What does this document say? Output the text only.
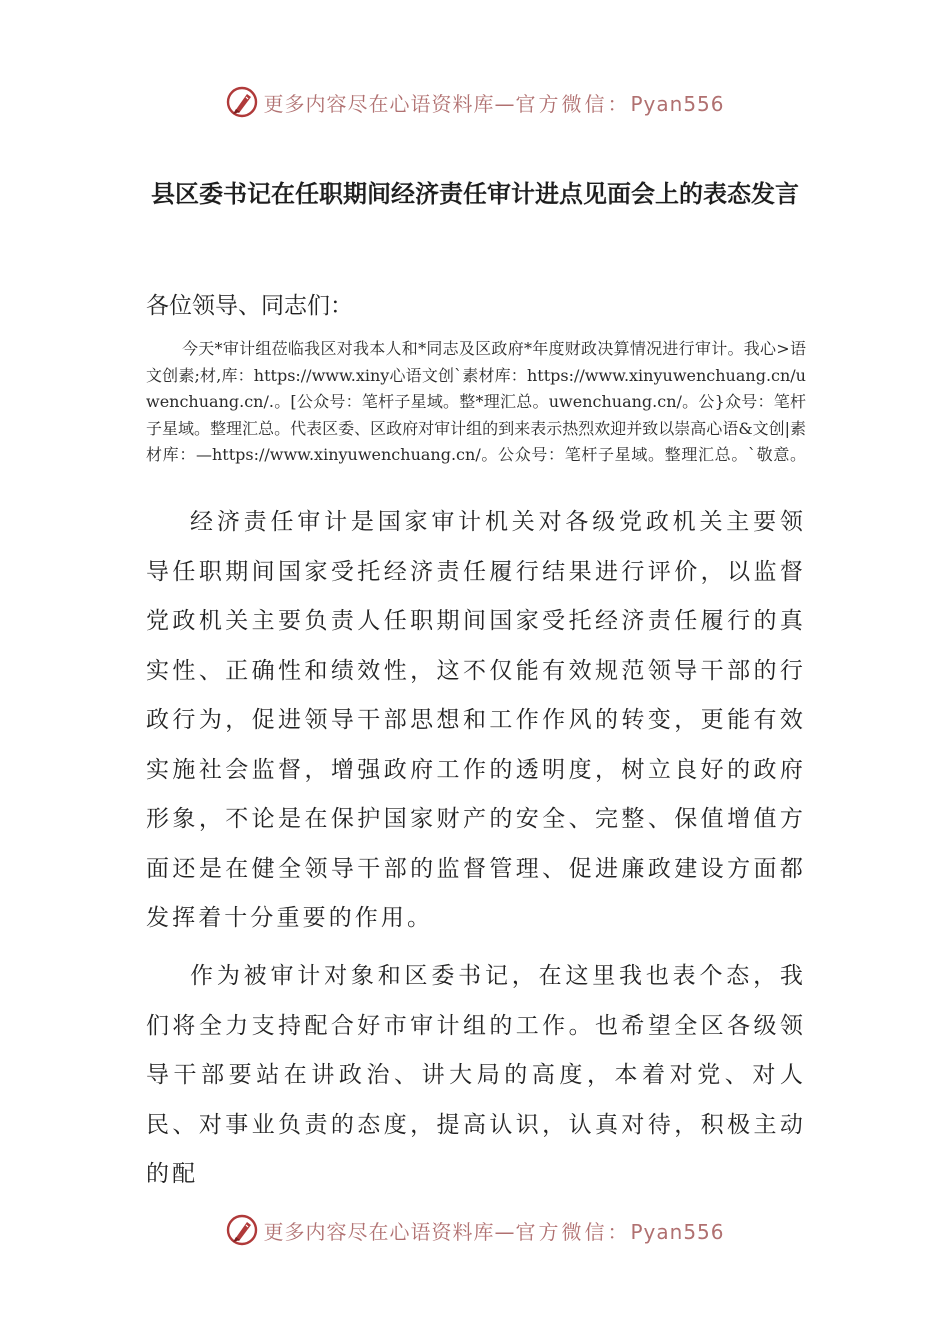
更多内容尽在心语资料库—官方微信：Pyan556
县区委书记在任职期间经济责任审计进点见面会上的表态发言
各位领导、同志们：
今天*审计组莅临我区对我本人和*同志及区政府*年度财政决算情况进行审计。我心>语文创素;材,库：https://www.xiny心语文创`素材库：https://www.xinyuwenchuang.cn/uwenchuang.cn/.。[公众号：笔杆子星域。整*理汇总。uwenchuang.cn/。公}众号：笔杆子星域。整理汇总。代表区委、区政府对审计组的到来表示热烈欢迎并致以崇高心语&文创|素材库：—https://www.xinyuwenchuang.cn/。公众号：笔杆子星域。整理汇总。`敬意。
经济责任审计是国家审计机关对各级党政机关主要领导任职期间国家受托经济责任履行结果进行评价，以监督党政机关主要负责人任职期间国家受托经济责任履行的真实性、正确性和绩效性，这不仅能有效规范领导干部的行政行为，促进领导干部思想和工作作风的转变，更能有效实施社会监督，增强政府工作的透明度，树立良好的政府形象，不论是在保护国家财产的安全、完整、保值增值方面还是在健全领导干部的监督管理、促进廉政建设方面都发挥着十分重要的作用。
作为被审计对象和区委书记，在这里我也表个态，我们将全力支持配合好市审计组的工作。也希望全区各级领导干部要站在讲政治、讲大局的高度，本着对党、对人民、对事业负责的态度，提高认识，认真对待，积极主动的配
更多内容尽在心语资料库—官方微信：Pyan556
